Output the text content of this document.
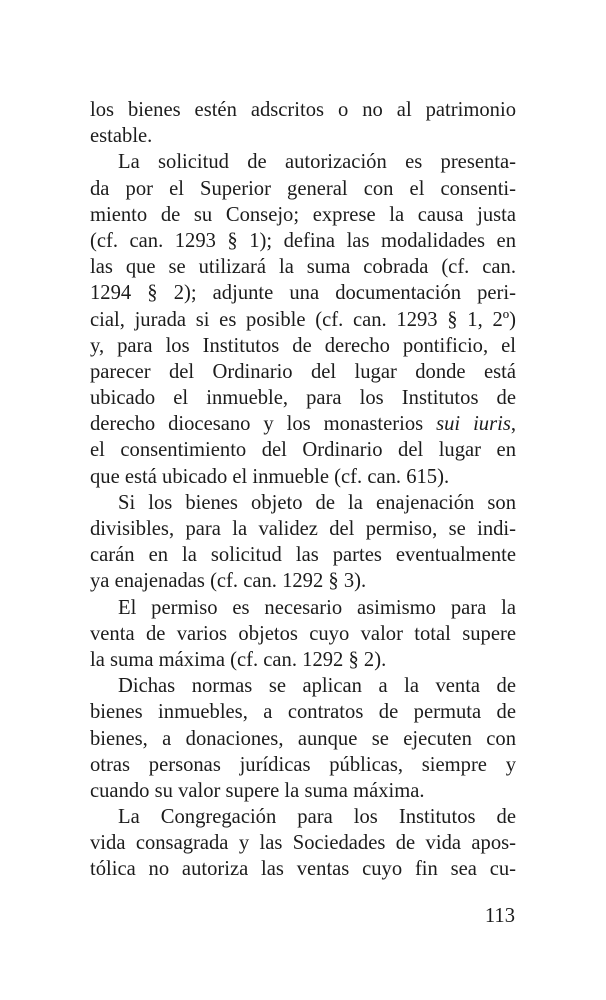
los bienes estén adscritos o no al patrimonio
estable.
La solicitud de autorización es presenta-
da por el Superior general con el consenti-
miento de su Consejo; exprese la causa justa
(cf. can. 1293 § 1); defina las modalidades en
las que se utilizará la suma cobrada (cf. can.
1294 § 2); adjunte una documentación peri-
cial, jurada si es posible (cf. can. 1293 § 1, 2º)
y, para los Institutos de derecho pontificio, el
parecer del Ordinario del lugar donde está
ubicado el inmueble, para los Institutos de
derecho diocesano y los monasterios sui iuris,
el consentimiento del Ordinario del lugar en
que está ubicado el inmueble (cf. can. 615).
Si los bienes objeto de la enajenación son
divisibles, para la validez del permiso, se indi-
carán en la solicitud las partes eventualmente
ya enajenadas (cf. can. 1292 § 3).
El permiso es necesario asimismo para la
venta de varios objetos cuyo valor total supere
la suma máxima (cf. can. 1292 § 2).
Dichas normas se aplican a la venta de
bienes inmuebles, a contratos de permuta de
bienes, a donaciones, aunque se ejecuten con
otras personas jurídicas públicas, siempre y
cuando su valor supere la suma máxima.
La Congregación para los Institutos de
vida consagrada y las Sociedades de vida apos-
tólica no autoriza las ventas cuyo fin sea cu-
113
